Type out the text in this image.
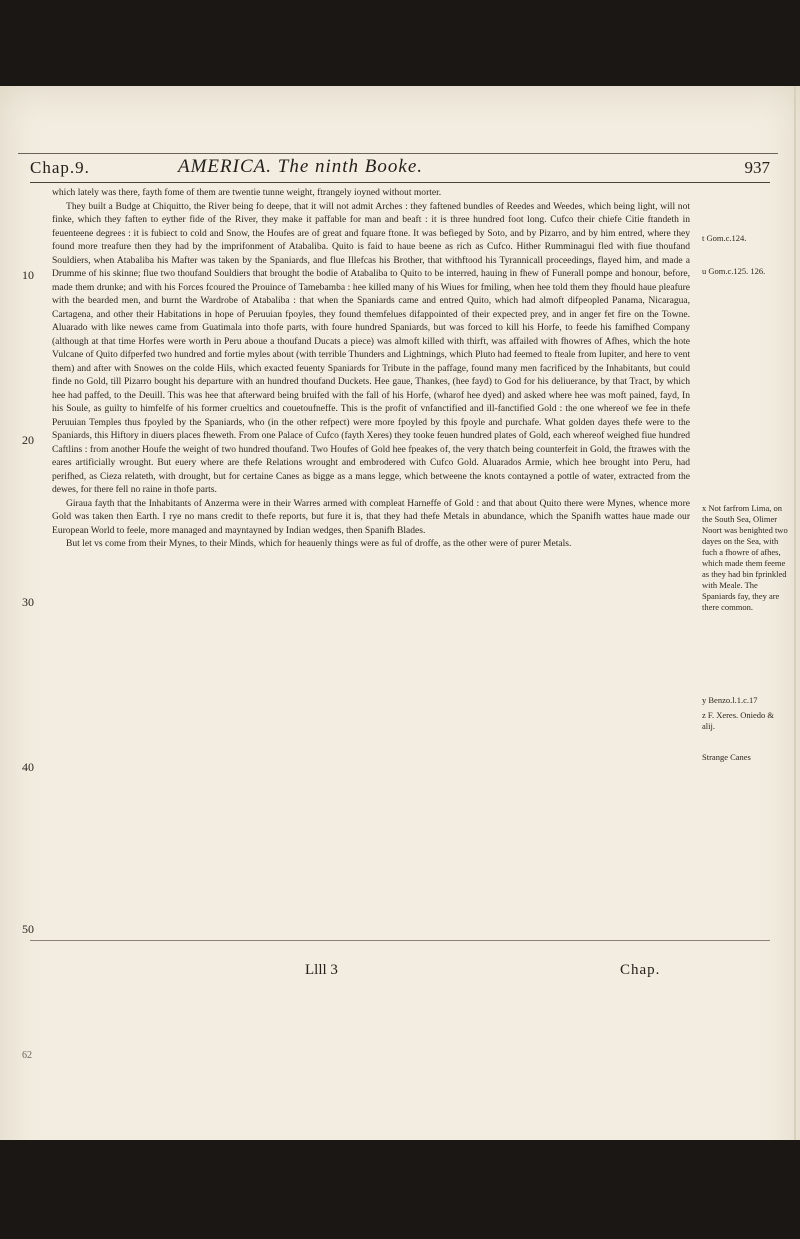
Chap.9.	AMERICA. The ninth Booke.	937

which lately was there, fayth fome of them are twentie tunne weight, ftrangely ioyned without morter.

They built a Budge at Chiquitto, the River being fo deepe, that it will not admit Arches : they faftened bundles of Reedes and Weedes, which being light, will not finke, which they faften to eyther fide of the River, they make it paffable for man and beaft : it is three hundred foot long. Cufco their chiefe Citie ftandeth in feuenteene degrees : it is fubiect to cold and Snow, the Houfes are of great and fquare ftone. It was befieged by Soto, and by Pizarro, and by him entred, where they found more treafure then they had by the imprifonment of Atabaliba. Quito is faid to haue beene as rich as Cufco. Hither Rumminagui fled with fiue thoufand Souldiers, when Atabaliba his Mafter was taken by the Spaniards, and flue Illefcas his Brother, that withftood his Tyrannicall proceedings, flayed him, and made a Drumme of his skinne; flue two thoufand Souldiers that brought the bodie of Atabaliba to Quito to be interred, hauing in fhew of Funerall pompe and honour, before, made them drunke; and with his Forces fcoured the Prouince of Tamebamba : hee killed many of his Wiues for fmiling, when hee told them they fhould haue pleafure with the bearded men, and burnt the Wardrobe of Atabaliba : that when the Spaniards came and entred Quito, which had almoft difpeopled Panama, Nicaragua, Cartagena, and other their Habitations in hope of Peruuian fpoyles, they found themfelues difappointed of their expected prey, and in anger fet fire on the Towne. Aluarado with like newes came from Guatimala into thofe parts, with foure hundred Spaniards, but was forced to kill his Horfe, to feede his famifhed Company (although at that time Horfes were worth in Peru aboue a thoufand Ducats a piece) was almoft killed with thirft, was affailed with fhowres of Afhes, which the hote Vulcane of Quito difperfed two hundred and fortie myles about (with terrible Thunders and Lightnings, which Pluto had feemed to fteale from Iupiter, and here to vent them) and after with Snowes on the colde Hils, which exacted feuenty Spaniards for Tribute in the paffage, found many men facrificed by the Inhabitants, but could finde no Gold, till Pizarro bought his departure with an hundred thoufand Duckets. Hee gaue, Thankes, (hee fayd) to God for his deliuerance, by that Tract, by which hee had paffed, to the Deuill. This was hee that afterward being bruifed with the fall of his Horfe, (wharof hee dyed) and asked where hee was moft pained, fayd, In his Soule, as guilty to himfelfe of his former crueltics and couetoufneffe. This is the profit of vnfanctified and ill-fanctified Gold : the one whereof we fee in thefe Peruuian Temples thus fpoyled by the Spaniards, who (in the other refpect) were more fpoyled by this fpoyle and purchafe. What golden dayes thefe were to the Spaniards, this Hiftory in diuers places fheweth. From one Palace of Cufco (fayth Xeres) they tooke feuen hundred plates of Gold, each whereof weighed fiue hundred Caftlins : from another Houfe the weight of two hundred thoufand. Two Houfes of Gold hee fpeakes of, the very thatch being counterfeit in Gold, the ftrawes with the eares artificially wrought. But euery where are thefe Relations wrought and embrodered with Cufco Gold. Aluarados Armie, which hee brought into Peru, had perifhed, as Cieza relateth, with drought, but for certaine Canes as bigge as a mans legge, which betweene the knots contayned a pottle of water, extracted from the dewes, for there fell no raine in thofe parts.

Giraua fayth that the Inhabitants of Anzerma were in their Warres armed with compleat Harneffe of Gold : and that about Quito there were Mynes, whence more Gold was taken then Earth. I rye no mans credit to thefe reports, but fure it is, that they had thefe Metals in abundance, which the Spanifh wattes haue made our European World to feele, more managed and mayntayned by Indian wedges, then Spanifh Blades.

But let vs come from their Mynes, to their Minds, which for heauenly things were as ful of droffe, as the other were of purer Metals.

10
20
30
40
50
t Gom.c.124.
u Gom.c.125. 126.
x Not farfrom Lima, on the South Sea, Olimer Noort was benighted two dayes on the Sea, with fuch a fhowre of afhes, which made them feeme as they had bin fprinkled with Meale. The Spaniards fay, they are there common.
y Benzo.l.1.c.17
z F. Xeres. Oniedo & alij.
Strange Canes
Llll 3	Chap.
62
